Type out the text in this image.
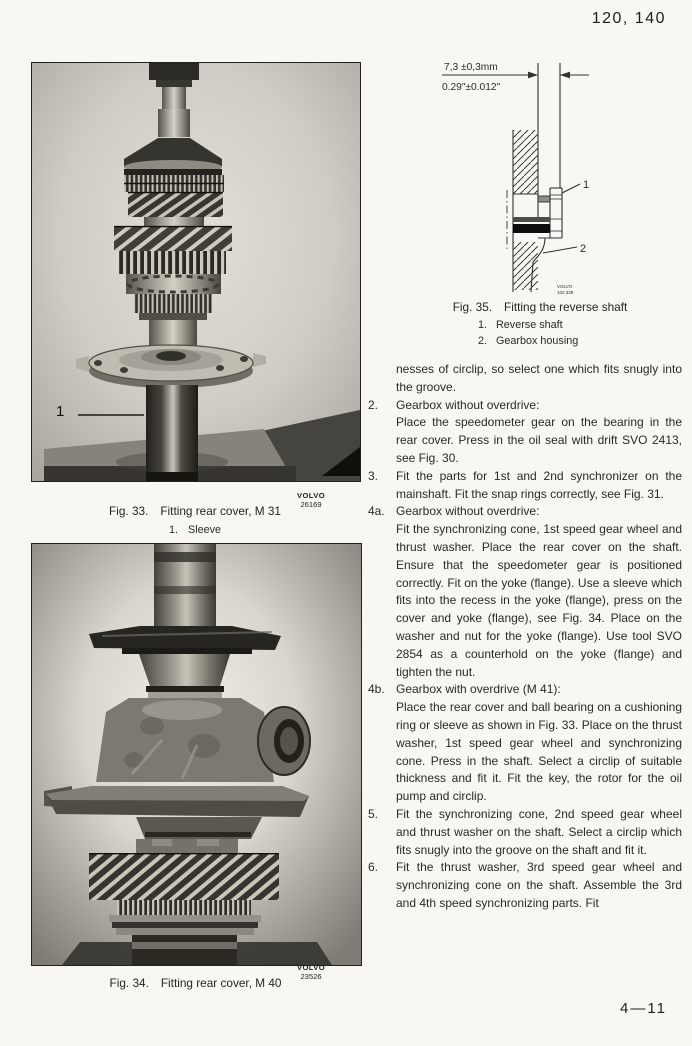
120, 140
1
Fig. 33. Fitting rear cover, M 31
VOLVO
26169
1. Sleeve
Fig. 34. Fitting rear cover, M 40
VOLVO
23526
7,3 ±0,3mm
0.29"±0.012"
1
2
VOLVO
102 339
Fig. 35. Fitting the reverse shaft
1. Reverse shaft
2. Gearbox housing

nesses of circlip, so select one which fits snugly into the groove.

2. Gearbox without overdrive:

Place the speedometer gear on the bearing in the rear cover. Press in the oil seal with drift SVO 2413, see Fig. 30.

3. Fit the parts for 1st and 2nd synchronizer on the mainshaft. Fit the snap rings correctly, see Fig. 31.

4a. Gearbox without overdrive:

Fit the synchronizing cone, 1st speed gear wheel and thrust washer. Place the rear cover on the shaft. Ensure that the speedometer gear is positioned correctly. Fit on the yoke (flange). Use a sleeve which fits into the recess in the yoke (flange), press on the cover and yoke (flange), see Fig. 34. Place on the washer and nut for the yoke (flange). Use tool SVO 2854 as a counterhold on the yoke (flange) and tighten the nut.

4b. Gearbox with overdrive (M 41):

Place the rear cover and ball bearing on a cushioning ring or sleeve as shown in Fig. 33. Place on the thrust washer, 1st speed gear wheel and synchronizing cone. Press in the shaft. Select a circlip of suitable thickness and fit it. Fit the key, the rotor for the oil pump and circlip.

5. Fit the synchronizing cone, 2nd speed gear wheel and thrust washer on the shaft. Select a circlip which fits snugly into the groove on the shaft and fit it.

6. Fit the thrust washer, 3rd speed gear wheel and synchronizing cone on the shaft. Assemble the 3rd and 4th speed synchronizing parts. Fit

4—11
